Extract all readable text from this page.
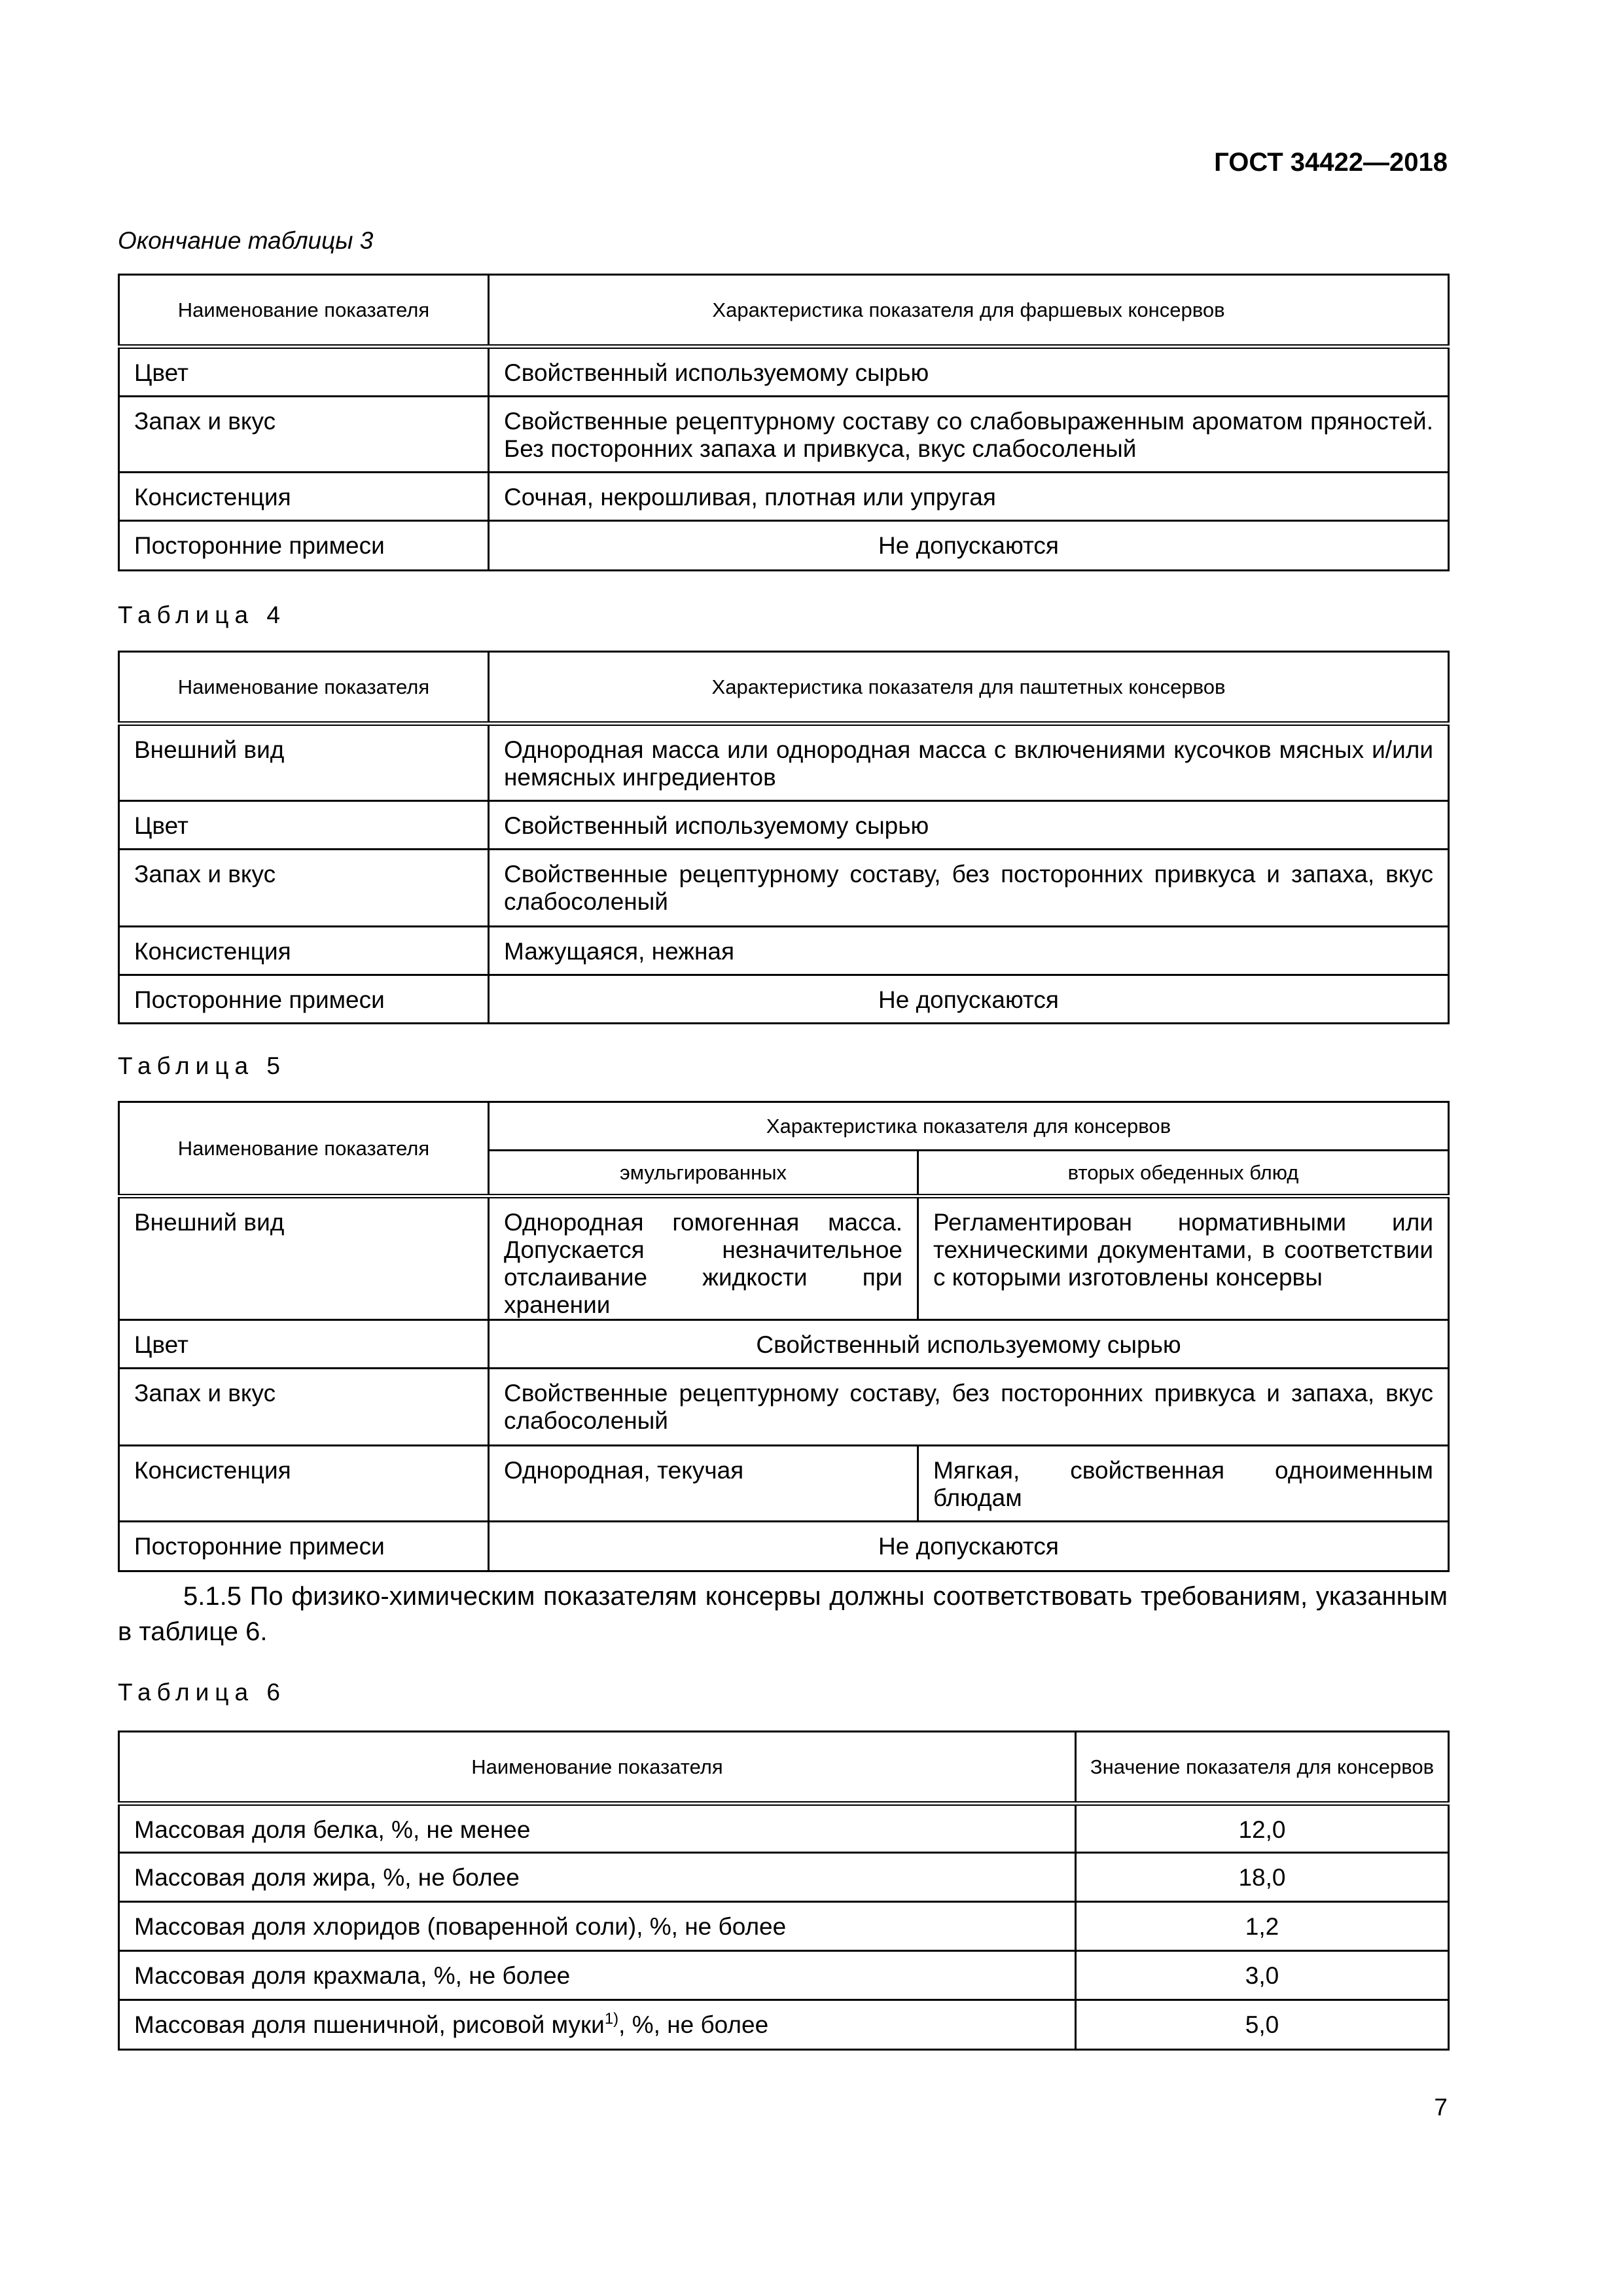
ГОСТ 34422—2018
Окончание таблицы 3
Наименование показателя	Характеристика показателя для фаршевых консервов

Цвет	Свойственный используемому сырью

Запах и вкус	Свойственные рецептурному составу со слабовыраженным ароматом пряностей. Без посторонних запаха и привкуса, вкус слабосоленый

Консистенция	Сочная, некрошливая, плотная или упругая

Посторонние примеси	Не допускаются
Таблица 4
Наименование показателя	Характеристика показателя для паштетных консервов

Внешний вид	Однородная масса или однородная масса с включениями кусочков мясных и/или немясных ингредиентов

Цвет	Свойственный используемому сырью

Запах и вкус	Свойственные рецептурному составу, без посторонних привкуса и запаха, вкус слабосоленый

Консистенция	Мажущаяся, нежная

Посторонние примеси	Не допускаются
Таблица 5
Наименование показателя	Характеристика показателя для консервов	

	эмульгированных	вторых обеденных блюд

Внешний вид	Однородная гомогенная масса. Допускается незначительное отслаивание жидкости при хранении	Регламентирован нормативными или техническими документами, в соответствии с которыми изготовлены консервы

Цвет	Свойственный используемому сырью	

Запах и вкус	Свойственные рецептурному составу, без посторонних привкуса и запаха, вкус слабосоленый	

Консистенция	Однородная, текучая	Мягкая, свойственная одноименным блюдам

Посторонние примеси	Не допускаются	
5.1.5 По физико-химическим показателям консервы должны соответствовать требованиям, указанным в таблице 6.
Таблица 6
Наименование показателя	Значение показателя для консервов

Массовая доля белка, %, не менее	12,0

Массовая доля жира, %, не более	18,0

Массовая доля хлоридов (поваренной соли), %, не более	1,2

Массовая доля крахмала, %, не более	3,0

Массовая доля пшеничной, рисовой муки$^{1)}$, %, не более	5,0
7
